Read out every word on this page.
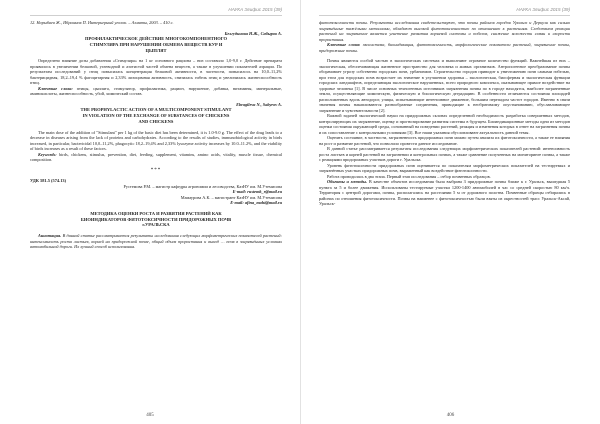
НАУКА Эгифис 2015 (39)

12. Нарыбаев Ж., Ибраимов П. Интерьерный уголок. – Алматы, 2003. – 410 с.

Белгудинова Н.Ж., Сабыров А.

ПРОФИЛАКТИЧЕСКОЕ ДЕЙСТВИЕ МНОГОКОМПОНЕНТНОГО

СТИМУЛЯРА ПРИ НАРУШЕНИИ ОБМЕНА ВЕЩЕСТВ КУР И

ЦЫПЛЯТ

Определено влияние дозы добавления «Стимуляра» на 1 кг основного рациона – низ составило 1,0-9,0 г. Действие препарата проявилось в увеличении белковой, углеводной и азотистой частей обмена веществ, а также в улучшении показателей аэрации. По результатам исследований у птиц повысилась концентрация белковой активности, в частности, повысилось на 10,0–11,2% бактерицидная, 18,2–19,4 % фагоцитарная и 2,33% лизоцимная активность, снизилась гибель птиц и увеличилась жизнеспособность птиц.

Ключевые слова: птицы, цыплята, стимулятор, профилактика, рацион, нарушение, добавка, витамины, минеральные, аминокислоты, жизнеспособность, убой, химический состав.

Ebragileva N., Sabyrov A.

THE PROPHYLACTIC ACTION OF A MULTICOMPONENT STIMULANT

IN VIOLATION OF THE EXCHANGE OF SUBSTANCES OF CHICKENS

AND CHICKENS

The main dose of the addition of "Stimulant" per 1 kg of the basic diet has been determined, it is 1.0-9.0 g. The effect of the drug leads to a decrease in diseases arising from the lack of proteins and carbohydrates. According to the results of studies, immunobiological activity in birds increased, in particular, bactericidal 10,0–11,2%, phagocytic 18,2–19,4% and 2,33% lysozyme activity increases by 10.0–11.2%, and the viability of birds increases as a result of these factors.

Keywords: birds, chickens, stimulus, prevention, diet, feeding, supplement, vitamins, amino acids, vitality, muscle tissue, chemical composition.

***

УДК 581.5 (574.13)

Рустемова Р.М. – магистр кафедры агрономии и лесоводства, КазНУ им. М.Утемисова

E-mail: rustemk_r@mail.ru

Мамаурова А.К. – магистрант КазНУ им. М.Утемисова

E-mail: afina_mahi@mail.ru

МЕТОДИКА ОЦЕНКИ РОСТА И РАЗВИТИЯ РАСТЕНИЙ КАК

БИОИНДИКАТОРОВ ФИТОТОКСИЧНОСТИ ПРИДОРОЖНЫХ ПОЧВ

г.УРАЛЬСКА

Аннотация. В данной статье рассматривается результаты исследования следующих морфометрических показателей растений: интенсивность роста листьев, корней на придорожной почве, общий объем прорастания и выход … почв в загрязнённых условиях автомобильной дороги. Их лучший способ использования.

405
НАУКА Эгифис 2015 (39)

фитотоксичности почвы. Результаты исследования свидетельствуют, что почвы районов городов Уральск и Деркули как сильно загрязнённые тяжёлыми металлами, обладают высокой фитотоксичностью по отношению к растениям. Следствием реакции растений на загрязнение является угнетение развития корневой системы и побегов, снижение всхожести семян и скорости прорастания.

Ключевые слова: экосистема, биоиндикация, фитотоксичность, морфологические показатели растений, загрязнение почвы, придорожные почвы.

Почвы являются особой частью в экологических системах и выполняют огромное количество функций. Важнейшая из них – экологическая, обеспечивающая жизненное пространство для человека и живых организмов. Антропогенное преобразование почвы оборачивает угрозу собственно городских почв, урбанизмов. Строительство городов приводит к уничтожению почв самыми гибелью, при этом для городских почв возрастает их значение в улучшении здоровья – экологическая, биосферная и экологическая функции городских ландшафтов, определяющая экологическое нарушенных, всего природного комплекса, оказывающее прямое воздействие на здоровье человека [1]. В числе основных техногенных источников загрязнения почвы по в городе находятся, наиболее загрязненные земли, осуществляющие химическую, физическую и биологическую деградацию. В особенности отличаются состояния площадей расположенных вдоль автодорог, улицы, испытывающие интенсивное движение, большим перепадом частот городов. Именно в связи значения почвы накапливаются разнообразные соединения, приводящие к необратимому опустыниванию, обуславливающее загрязнение и чувствительности [2].

Важной задачей экологической науки на придорожных склонах определенной необходимость разработка совершенных методов, контролирующих их загрязнение, оценку и прогнозирование развития системы в будущем. Биоиндикационные методы одни из методов оценки состояния окружающей среды, основанный на поведении растений, реакция и изменения которых в ответ на загрязнения почвы и их сопоставление с контрольными условиями [3]. Все наши указания обусловливают актуальность данной темы.

Оценить состояние, в частности, загрязненность придорожных почв можно путем анализа их фитотоксичности, а также ее влияния на рост и развитие растений, что позволило провести данное исследование.

В данной статье рассматривается результаты исследования следующих морфометрических показателей растений: интенсивность роста листьев и корней растений на загрязнении и контрольных почвах, а также сравнение полученных на мониторинге почвы, а также с реакциями придорожных участков дороги г. Уральска.

Уровень фитотоксичности придорожных почв оценивается по показателям морфометрических показателей на тестируемых и загрязнённых участках придорожных почв, выраженный как воздействие фитотоксичности.

Работа проводилась в два этапа. Первый этап исследования – отбор почвенных образцов.

Объекты и методы. В качестве объектов исследования была выбрана 3 придорожные почвы ближе к г. Уральск, вышедшая 5 пункта за 5 и более движения. Использованы тестируемые участки 1200-1400 автомобилей в час со средней скоростью 80 км/ч. Территория с центрой дорогами, почвы, располагались на расстоянии 5 м от дорожного полотна. Почвенные образцы отбирались в районах по отношения фитотоксичности. Почвы на наименее с фитотоксичностью были взяты из окрестностей трасс Уральск-Аксай, Уральск-

406
